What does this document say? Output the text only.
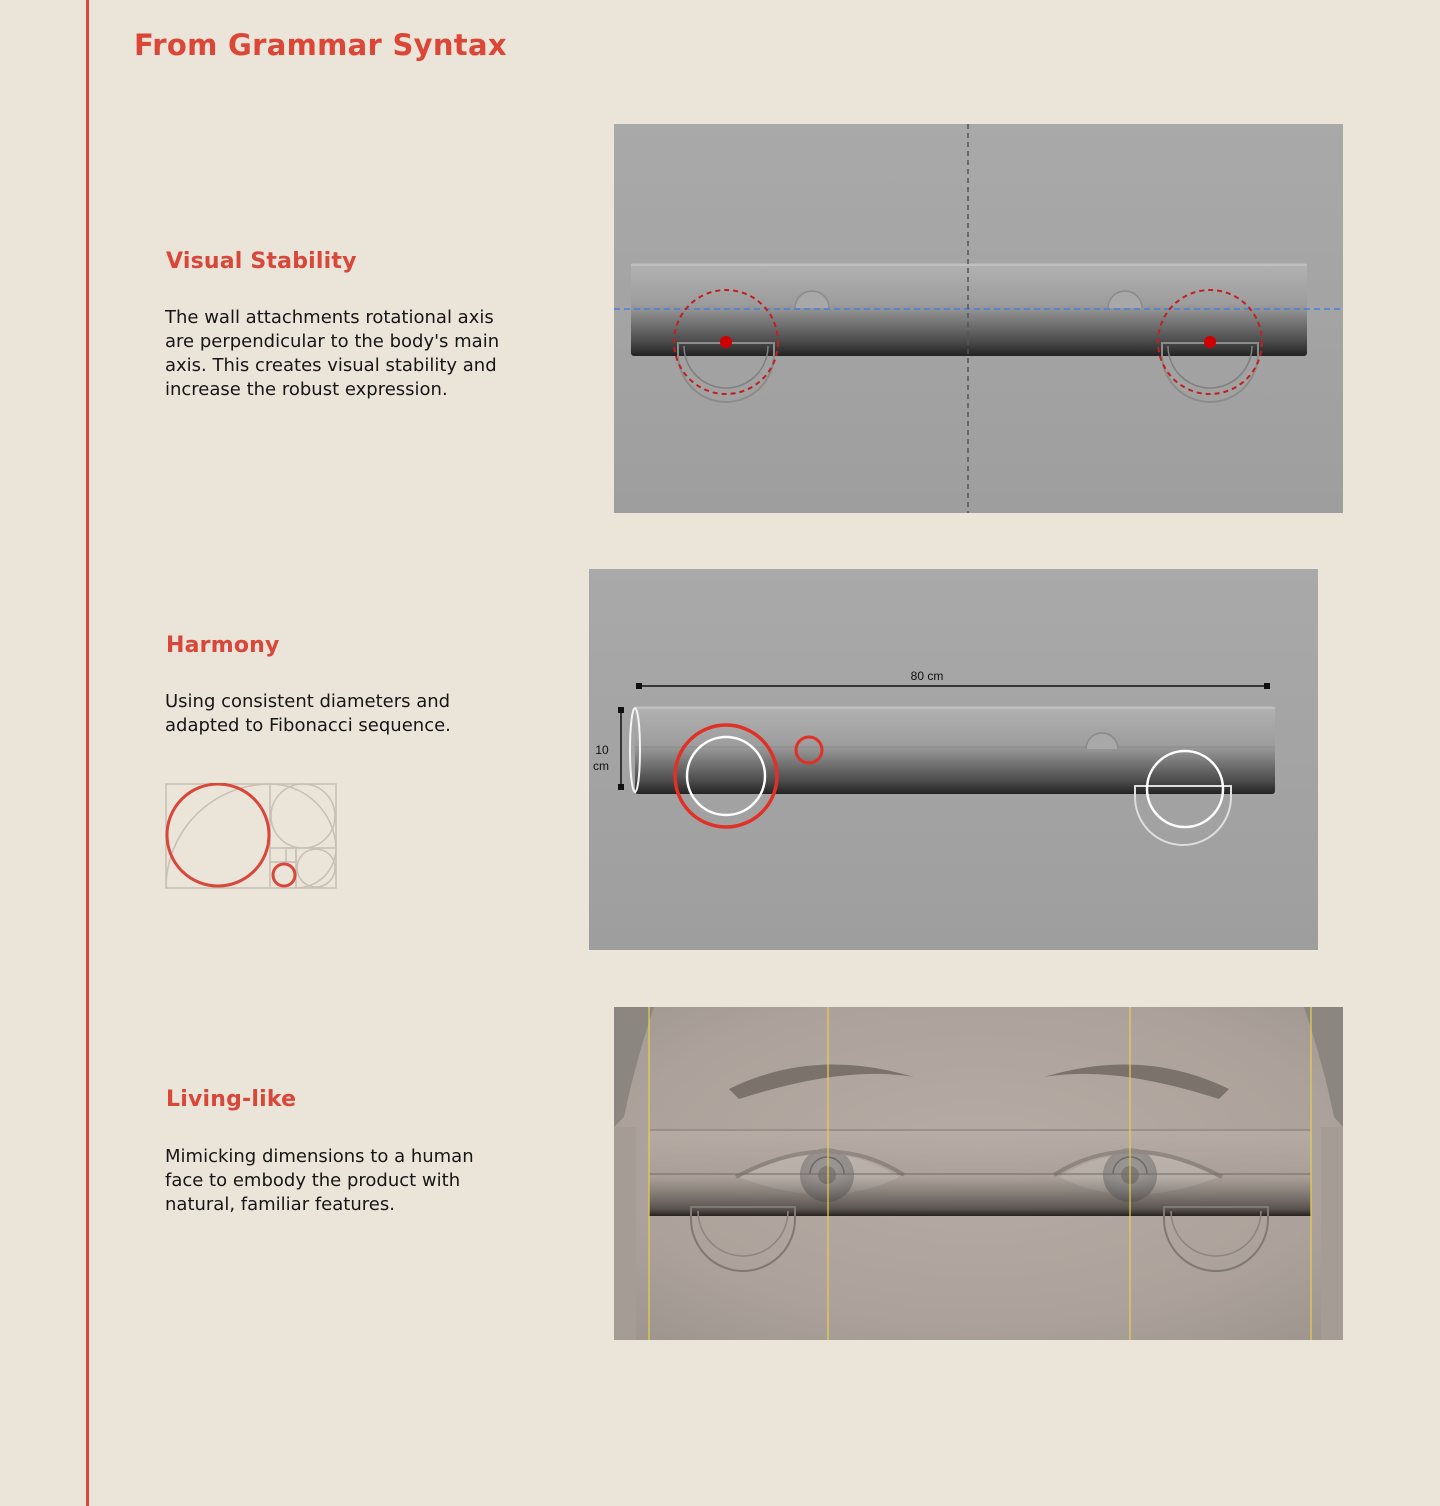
From Grammar Syntax
Visual Stability

The wall attachments rotational axis are perpendicular to the body's main axis. This creates visual stability and increase the robust expression.

Harmony

Using consistent diameters and adapted to Fibonacci sequence.

80 cm
10
cm
Living-like

Mimicking dimensions to a human face to embody the product with natural, familiar features.
